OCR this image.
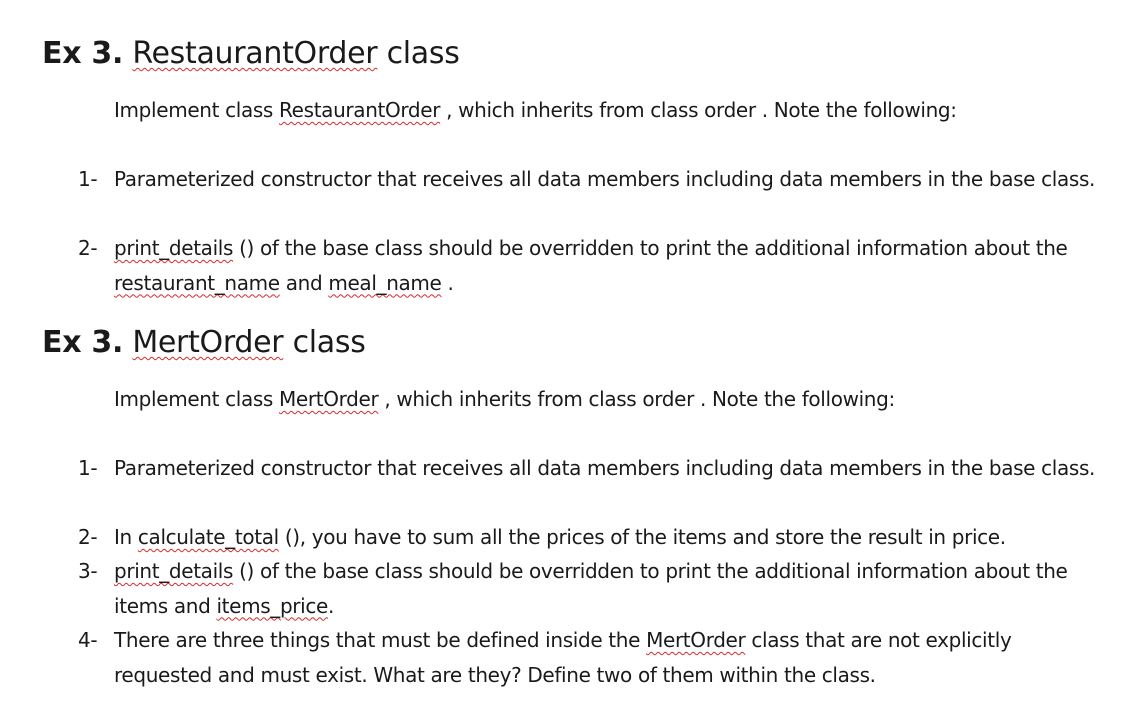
Ex 3. RestaurantOrder class
Implement class RestaurantOrder , which inherits from class order . Note the following:
1- Parameterized constructor that receives all data members including data members in the base class.
2- print_details () of the base class should be overridden to print the additional information about the restaurant_name and meal_name .
Ex 3. MertOrder class
Implement class MertOrder , which inherits from class order . Note the following:
1- Parameterized constructor that receives all data members including data members in the base class.
2- In calculate_total (), you have to sum all the prices of the items and store the result in price.
3- print_details () of the base class should be overridden to print the additional information about the items and items_price.
4- There are three things that must be defined inside the MertOrder class that are not explicitly requested and must exist. What are they? Define two of them within the class.
